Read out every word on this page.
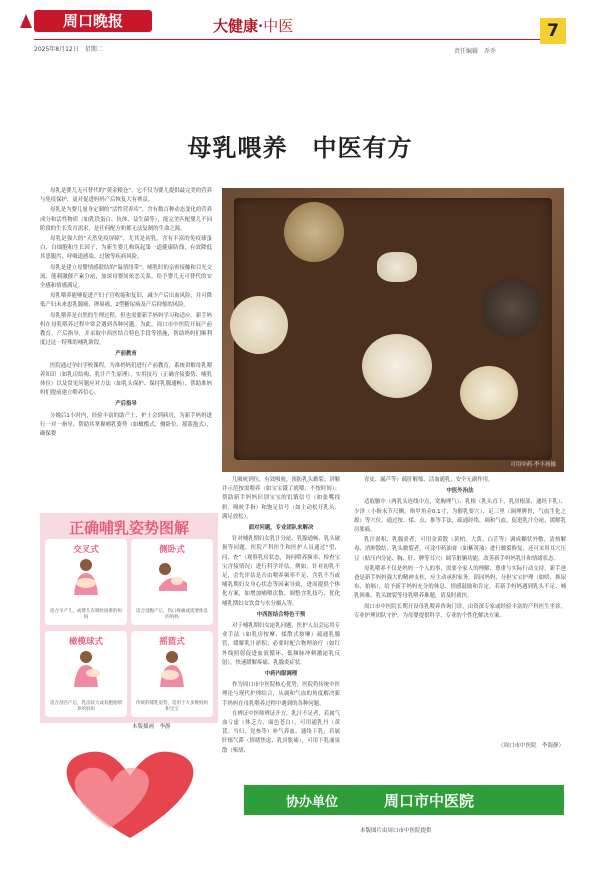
周口晚报
2025年8月12日　星期二
大健康·中医
责任编辑　乔乔
7
母乳喂养　中医有方

母乳是婴儿无可替代的“黄金粮仓”，它不仅为婴儿提供最完美的营养与免疫保护，更对促进妈妈产后恢复大有裨益。

母乳是为婴儿量身定制的“活性营养库”，含有数百种动态变化的营养成分和活性物质（如乳铁蛋白、抗体、益生菌等），能完美匹配婴儿不同阶段的生长发育需求，是任何配方奶都无法复制的生命之源。

母乳是强大的“天然免疫屏障”，尤其是初乳，含有丰富的免疫球蛋白、白细胞和生长因子，为新生婴儿构筑起第一道健康防线，有效降低其患腹泻、呼吸道感染、过敏等疾病风险。

母乳是建立母婴情感联结的“温情纽带”。哺乳时的亲密接触和目光交流，能刺激催产素分泌，加深母婴间依恋关系，给予婴儿无可替代的安全感和情感满足。

母乳喂养能够促进产妇子宫收缩和复旧，减少产后出血风险，并可降低产妇未来患乳腺癌、卵巢癌、2型糖尿病及产后抑郁的风险。

母乳喂养是自然的生理过程，但也需要新手妈妈学习和适应。新手妈妈在母乳喂养过程中常会遇到各种问题。为此，周口市中医院开展产前教育、产后指导，并采取中西医结合特色手段等措施，帮助妈妈们顺利度过这一特殊的哺乳阶段。

产前教育

医院通过孕妇学校课程，为准妈妈们进行产前教育，系统讲解母乳喂养知识（如乳房结构、乳汁产生原理），实用技巧（正确含接姿势、哺乳体位）以及常见问题应对方法（如乳头保护、保持乳腺通畅），帮助准妈妈们提前建立喂养信心。

产后指导

分娩后1小时内，经验丰富的助产士、护士会到病房，为新手妈妈进行一对一指导，帮助其掌握哺乳姿势（如橄榄式、侧卧位、摇篮抱式），确保婴

可用中药·李丰扬摄

儿吸吮到位，有效吸吮，预防乳头皲裂；讲解并示范按需喂养（如宝宝饿了就喂，不按时间）；帮助新手妈妈识别宝宝的饥饿信号（如张嘴找奶、吸吮手指）和饱足信号（如主动松开乳头、满足放松）。

面对问题，专业团队来解决

针对哺乳期妇女乳汁分泌、乳腺通畅、乳头破损等问题，医院产科医生和医护人员通过“望、问、查”（观察乳房状态，询问喂养频率、检查宝宝含接情况）进行科学评估。例如，针对初乳不足，会先评估是否由喂养频率不足、含乳不当或哺乳期妇女身心状态等因素导致，进而提供个体化方案，如增加哺喂次数、调整含乳技巧、优化哺乳期妇女饮食与水分摄入等。

中西医结合特色干预

对于哺乳期妇女泌乳问题，医护人员会运用专业手法（如乳房按摩、揉散式按摩）疏通乳腺管，缓解乳汁淤积；必要时配合物理治疗（如红外线照射促进血液循环、低频脉冲刺激泌乳反射），快速缓解疼痛、乳腺炎症状。

中药内服调理

作为周口市中医院核心优势，医院将传统中医理论与现代护理结合，从调和气血的角度解决新手妈妈在母乳喂养过程中遇到的各种问题。

在辨证中医师辨证开方，乳汁不足者，若属气血亏虚（体乏力、面色苍白），可用通乳丹（黄芪、当归、党参等）补气养血、通络下乳；若属肝郁气滞（情绪焦虑、乳房胀痛），可用下乳涌泉散（柴胡、

青皮、漏芦等）疏肝解郁、活血通乳，安全无副作用。

中医外治法

适取膻中（两乳头连线中点，宽胸理气）、乳根（乳头直下，乳房根部，通经下乳）、少泽（小指末节尺侧，指甲角旁0.1寸，为催乳要穴）、足三里（调理脾胃，气血生化之源）等穴位，通过按、揉、点、推等手法，疏通经络，调和气血，促进乳汁分泌，缓解乳房胀痛。

乳汁淤积、乳腺炎者，可用金黄散（黄柏、大黄、白芷等）调成糊状外敷，清热解毒、消肿散结；乳头皲裂者，可涂中药油膏（如紫黄油）进行皲裂修复，还可采用耳穴压豆（贴压内分泌、胸、肝、脾等耳穴）调节脏腑功能，改善新手妈妈乳汁和情绪状态。

母乳喂养不仅是妈妈一个人的事，需要全家人的理解、尊重与实际行动支持。新手爸爸是新手妈妈强大的精神支柱，应主动承担家务，陪同妈妈，分担宝宝护理（如哄、换尿布、拍嗝），给予新手妈妈充分的休息、情感鼓励和肯定。若新手妈妈遇到乳头不足、哺乳困难、乳头皲裂等母乳喂养难题，请及时就医。

周口市中医院长期开设母乳喂养咨询门诊，由资深专家或经验丰富的产科医生坐诊，专业护理团队守护，为母婴提供科学、专业的个性化解决方案。

（周口市中医院　李海静）
正确哺乳姿势图解
交叉式
适合早产儿，或婴儿有吸吮困难的妈妈
侧卧式
适合剖腹产后，伤口疼痛或需要休息的妈妈
橄榄球式
适合剖宫产后，乳房较大或双胞胎喂养的妈妈
摇篮式
传统的哺乳姿势，适用于大多数妈妈和宝宝
本版插画　李静
协办单位	周口市中医院
本版图片由周口市中医院提供
